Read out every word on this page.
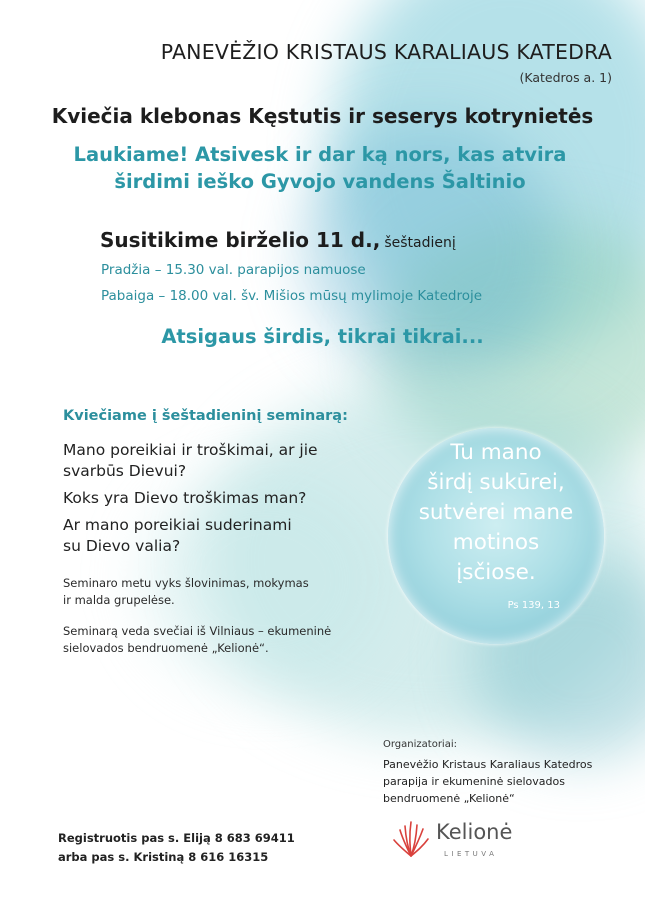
PANEVĖŽIO KRISTAUS KARALIAUS KATEDRA

(Katedros a. 1)

Kviečia klebonas Kęstutis ir seserys kotrynietės

Laukiame! Atsivesk ir dar ką nors, kas atvira
širdimi ieško Gyvojo vandens Šaltinio

Susitikime birželio 11 d., šeštadienį

Pradžia – 15.30 val. parapijos namuose

Pabaiga – 18.00 val. šv. Mišios mūsų mylimoje Katedroje

Atsigaus širdis, tikrai tikrai...

Kviečiame į šeštadieninį seminarą:

Mano poreikiai ir troškimai, ar jie
svarbūs Dievui?
Koks yra Dievo troškimas man?
Ar mano poreikiai suderinami
su Dievo valia?
Seminaro metu vyks šlovinimas, mokymas
ir malda grupelėse.
Seminarą veda svečiai iš Vilniaus – ekumeninė
sielovados bendruomenė „Kelionė“.
Tu mano
širdį sukūrei,
sutvėrei mane
motinos
įsčiose.

Ps 139, 13

Organizatoriai:

Panevėžio Kristaus Karaliaus Katedros
parapija ir ekumeninė sielovados
bendruomenė „Kelionė“

Registruotis pas s. Eliją 8 683 69411

arba pas s. Kristiną 8 616 16315

Kelionė

LIETUVA
